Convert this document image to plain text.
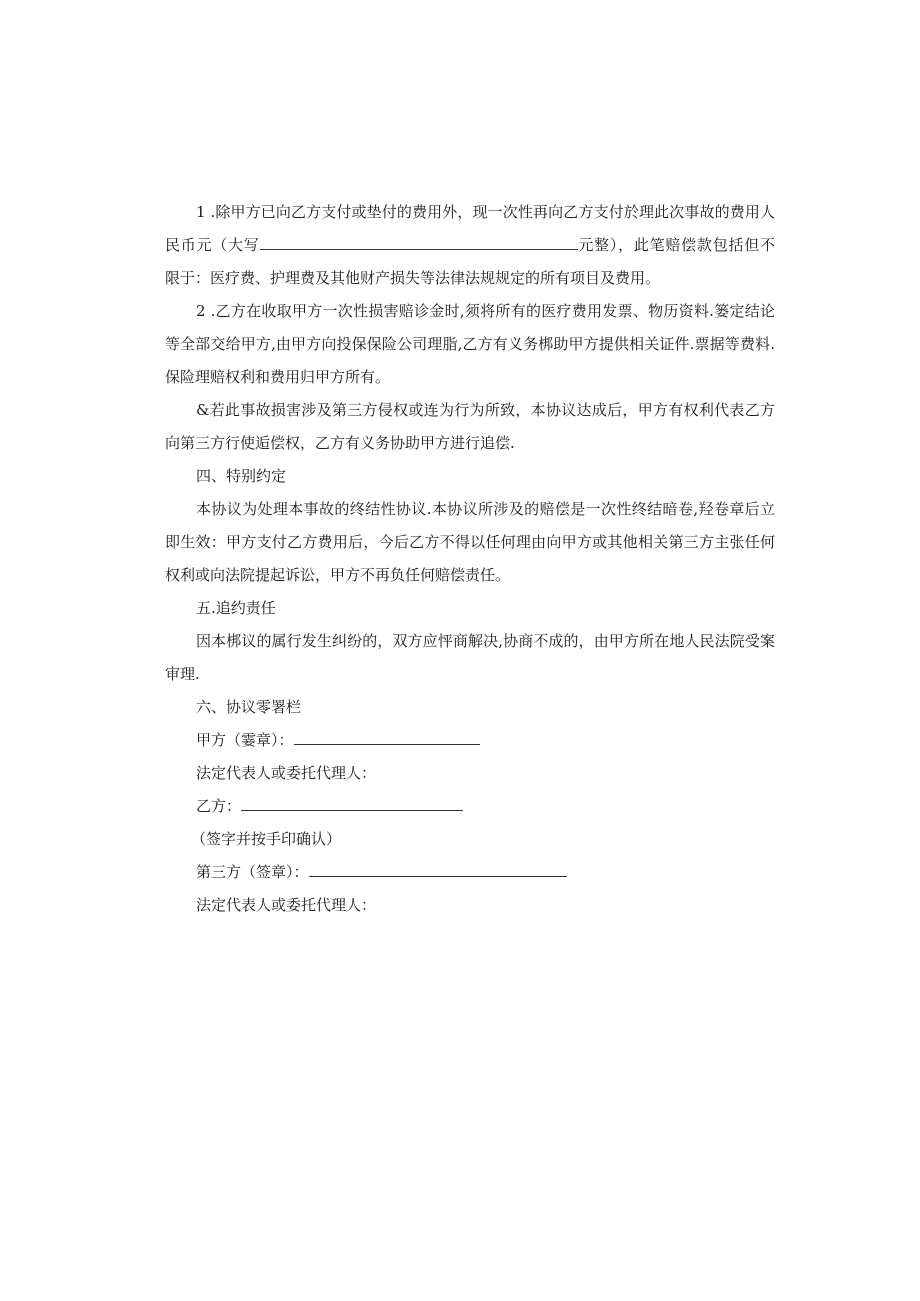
1 .除甲方已向乙方支付或垫付的费用外，现一次性再向乙方支付於理此次事故的费用人民币元（大写	元整），此笔赔偿款包括但不限于：医疗费、护理费及其他财产损失等法律法规规定的所有项目及费用。

2 .乙方在收取甲方一次性损害赔诊金时,须将所有的医疗费用发票、物历资料.篓定结论等全部交给甲方,由甲方向投保保险公司理脂,乙方有义务梆助甲方提供相关证件.票据等费料.保险理赔权利和费用归甲方所有。

&若此事故损害涉及第三方侵权或连为行为所致，本协议达成后，甲方有权利代表乙方向第三方行使逅偿权，乙方有义务协助甲方进行追偿.

四、特别约定

本协议为处理本事故的终结性协议.本协议所涉及的赔偿是一次性终结暗卷,羟卷章后立即生效：甲方支付乙方费用后，今后乙方不得以任何理由向甲方或其他相关第三方主张任何权利或向法院提起诉讼，甲方不再负任何赔偿责任。

五.追约责任

因本梆议的属行发生纠纷的，双方应怦商解决,协商不成的，由甲方所在地人民法院受案审理.

六、协议零署栏

甲方（霎章）：

法定代表人或委托代理人：

乙方：

（签字并按手印确认）

第三方（签章）：

法定代表人或委托代理人：
